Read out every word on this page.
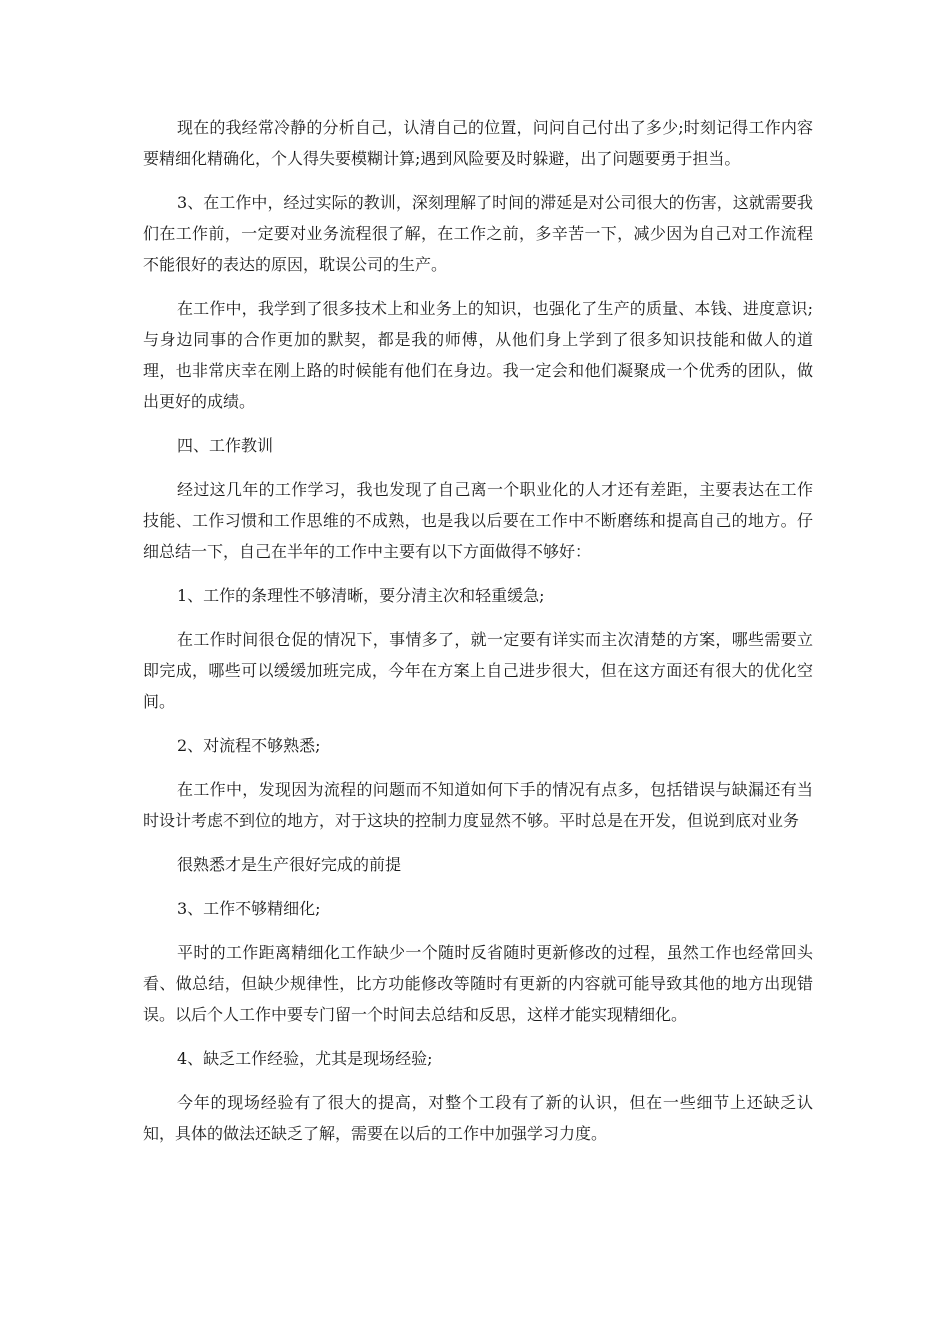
现在的我经常冷静的分析自己，认清自己的位置，问问自己付出了多少;时刻记得工作内容要精细化精确化，个人得失要模糊计算;遇到风险要及时躲避，出了问题要勇于担当。

3、在工作中，经过实际的教训，深刻理解了时间的滞延是对公司很大的伤害，这就需要我们在工作前，一定要对业务流程很了解，在工作之前，多辛苦一下，减少因为自己对工作流程不能很好的表达的原因，耽误公司的生产。

在工作中，我学到了很多技术上和业务上的知识，也强化了生产的质量、本钱、进度意识;与身边同事的合作更加的默契，都是我的师傅，从他们身上学到了很多知识技能和做人的道理，也非常庆幸在刚上路的时候能有他们在身边。我一定会和他们凝聚成一个优秀的团队，做出更好的成绩。

四、工作教训

经过这几年的工作学习，我也发现了自己离一个职业化的人才还有差距，主要表达在工作技能、工作习惯和工作思维的不成熟，也是我以后要在工作中不断磨练和提高自己的地方。仔细总结一下，自己在半年的工作中主要有以下方面做得不够好：

1、工作的条理性不够清晰，要分清主次和轻重缓急;

在工作时间很仓促的情况下，事情多了，就一定要有详实而主次清楚的方案，哪些需要立即完成，哪些可以缓缓加班完成，今年在方案上自己进步很大，但在这方面还有很大的优化空间。

2、对流程不够熟悉;

在工作中，发现因为流程的问题而不知道如何下手的情况有点多，包括错误与缺漏还有当时设计考虑不到位的地方，对于这块的控制力度显然不够。平时总是在开发，但说到底对业务

很熟悉才是生产很好完成的前提

3、工作不够精细化;

平时的工作距离精细化工作缺少一个随时反省随时更新修改的过程，虽然工作也经常回头看、做总结，但缺少规律性，比方功能修改等随时有更新的内容就可能导致其他的地方出现错误。以后个人工作中要专门留一个时间去总结和反思，这样才能实现精细化。

4、缺乏工作经验，尤其是现场经验;

今年的现场经验有了很大的提高，对整个工段有了新的认识，但在一些细节上还缺乏认知，具体的做法还缺乏了解，需要在以后的工作中加强学习力度。
